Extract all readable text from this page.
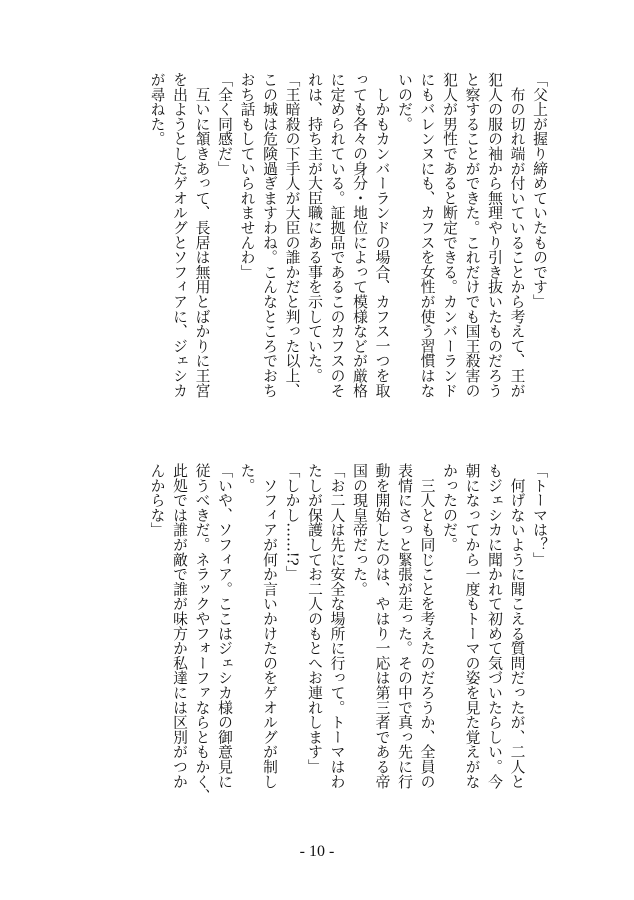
「父上が握り締めていたものです」
　布の切れ端が付いていることから考えて、王が
犯人の服の袖から無理やり引き抜いたものだろう
と察することができた。これだけでも国王殺害の
犯人が男性であると断定できる。カンバーランド
にもバレンヌにも、カフスを女性が使う習慣はな
いのだ。
　しかもカンバーランドの場合、カフス一つを取
っても各々の身分・地位によって模様などが厳格
に定められている。証拠品であるこのカフスのそ
れは、持ち主が大臣職にある事を示していた。
「王暗殺の下手人が大臣の誰かだと判った以上、
この城は危険過ぎますわね。こんなところでおち
おち話もしていられませんわ」
「全く同感だ」
　互いに頷きあって、長居は無用とばかりに王宮
を出ようとしたゲオルグとソフィアに、ジェシカ
が尋ねた。
「トーマは？」
　何げないように聞こえる質問だったが、二人と
もジェシカに聞かれて初めて気づいたらしい。今
朝になってから一度もトーマの姿を見た覚えがな
かったのだ。
　三人とも同じことを考えたのだろうか、全員の
表情にさっと緊張が走った。その中で真っ先に行
動を開始したのは、やはり一応は第三者である帝
国の現皇帝だった。
「お二人は先に安全な場所に行って。トーマはわ
たしが保護してお二人のもとへお連れします」
「しかし……!?」
　ソフィアが何か言いかけたのをゲオルグが制し
た。
「いや、ソフィア。ここはジェシカ様の御意見に
従うべきだ。ネラックやフォーファならともかく、
此処では誰が敵で誰が味方か私達には区別がつか
んからな」
- 10 -
